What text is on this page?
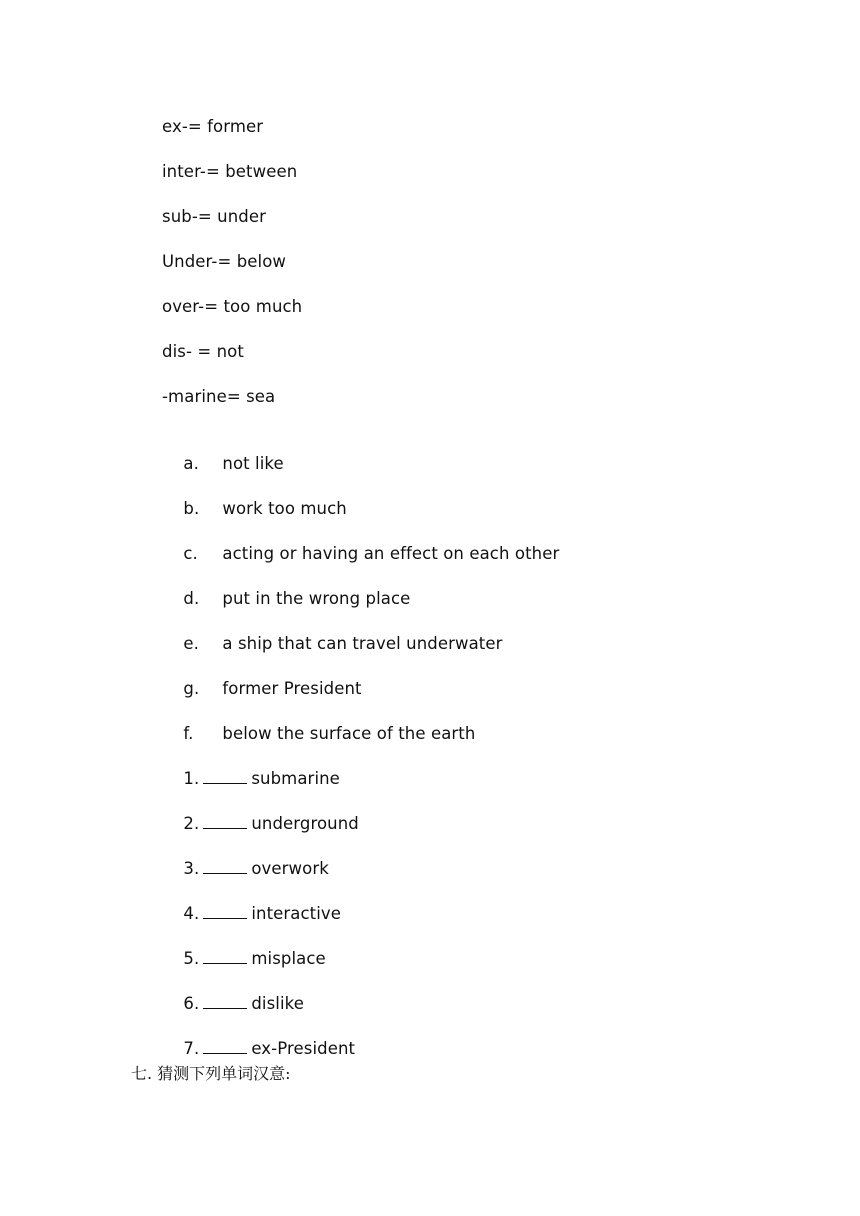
ex-= former
inter-= between
sub-= under
Under-= below
over-= too much
dis- = not
-marine= sea

a. not like

b. work too much

c. acting or having an effect on each other

d. put in the wrong place

e. a ship that can travel underwater

g. former President

f. below the surface of the earth

1.	submarine

2.	underground

3.	overwork

4.	interactive

5.	misplace

6.	dislike

7.	ex-President

七. 猜测下列单词汉意:
